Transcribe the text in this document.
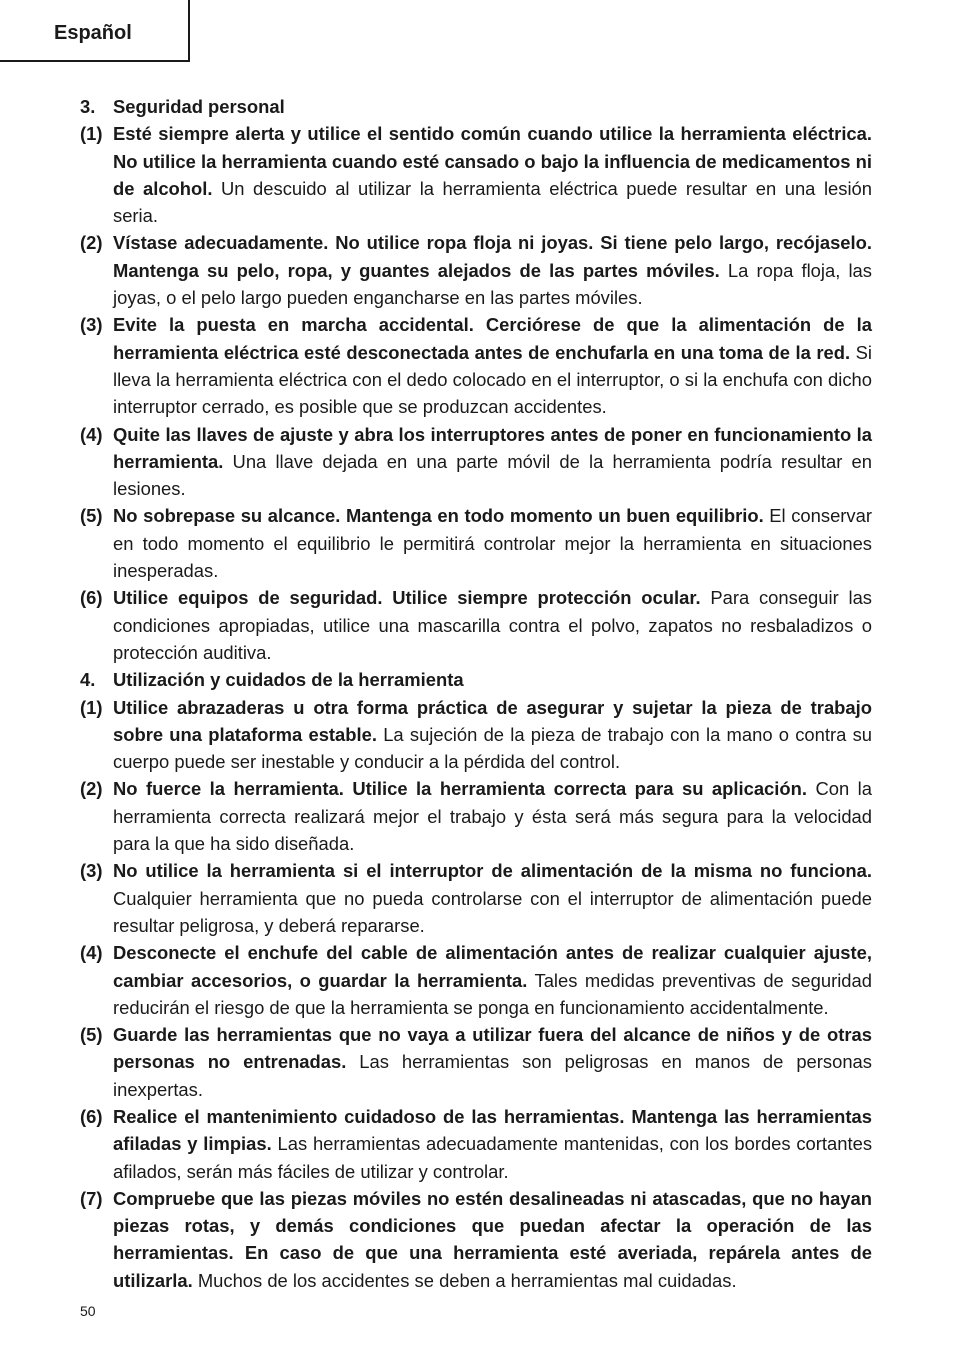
Español
3. Seguridad personal
(1) Esté siempre alerta y utilice el sentido común cuando utilice la herramienta eléctrica. No utilice la herramienta cuando esté cansado o bajo la influencia de medicamentos ni de alcohol. Un descuido al utilizar la herramienta eléctrica puede resultar en una lesión seria.
(2) Vístase adecuadamente. No utilice ropa floja ni joyas. Si tiene pelo largo, recójaselo. Mantenga su pelo, ropa, y guantes alejados de las partes móviles. La ropa floja, las joyas, o el pelo largo pueden engancharse en las partes móviles.
(3) Evite la puesta en marcha accidental. Cerciórese de que la alimentación de la herramienta eléctrica esté desconectada antes de enchufarla en una toma de la red. Si lleva la herramienta eléctrica con el dedo colocado en el interruptor, o si la enchufa con dicho interruptor cerrado, es posible que se produzcan accidentes.
(4) Quite las llaves de ajuste y abra los interruptores antes de poner en funcionamiento la herramienta. Una llave dejada en una parte móvil de la herramienta podría resultar en lesiones.
(5) No sobrepase su alcance. Mantenga en todo momento un buen equilibrio. El conservar en todo momento el equilibrio le permitirá controlar mejor la herramienta en situaciones inesperadas.
(6) Utilice equipos de seguridad. Utilice siempre protección ocular. Para conseguir las condiciones apropiadas, utilice una mascarilla contra el polvo, zapatos no resbaladizos o protección auditiva.
4. Utilización y cuidados de la herramienta
(1) Utilice abrazaderas u otra forma práctica de asegurar y sujetar la pieza de trabajo sobre una plataforma estable. La sujeción de la pieza de trabajo con la mano o contra su cuerpo puede ser inestable y conducir a la pérdida del control.
(2) No fuerce la herramienta. Utilice la herramienta correcta para su aplicación. Con la herramienta correcta realizará mejor el trabajo y ésta será más segura para la velocidad para la que ha sido diseñada.
(3) No utilice la herramienta si el interruptor de alimentación de la misma no funciona. Cualquier herramienta que no pueda controlarse con el interruptor de alimentación puede resultar peligrosa, y deberá repararse.
(4) Desconecte el enchufe del cable de alimentación antes de realizar cualquier ajuste, cambiar accesorios, o guardar la herramienta. Tales medidas preventivas de seguridad reducirán el riesgo de que la herramienta se ponga en funcionamiento accidentalmente.
(5) Guarde las herramientas que no vaya a utilizar fuera del alcance de niños y de otras personas no entrenadas. Las herramientas son peligrosas en manos de personas inexpertas.
(6) Realice el mantenimiento cuidadoso de las herramientas. Mantenga las herramientas afiladas y limpias. Las herramientas adecuadamente mantenidas, con los bordes cortantes afilados, serán más fáciles de utilizar y controlar.
(7) Compruebe que las piezas móviles no estén desalineadas ni atascadas, que no hayan piezas rotas, y demás condiciones que puedan afectar la operación de las herramientas. En caso de que una herramienta esté averiada, repárela antes de utilizarla. Muchos de los accidentes se deben a herramientas mal cuidadas.
50
